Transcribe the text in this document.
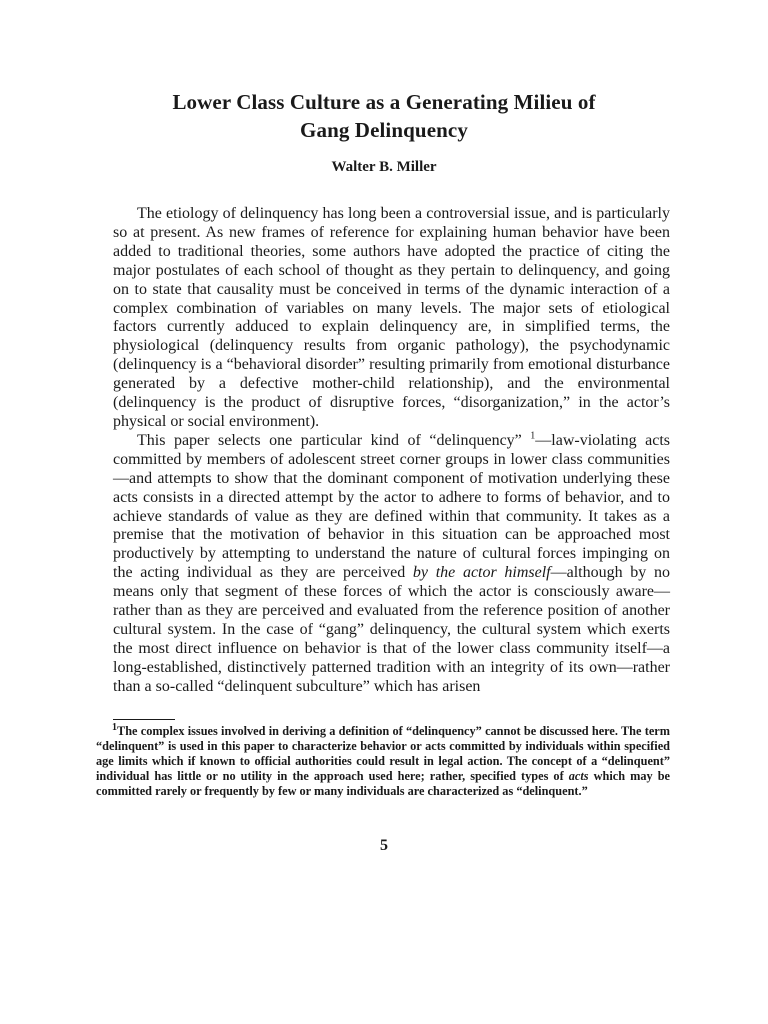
Lower Class Culture as a Generating Milieu of
Gang Delinquency

Walter B. Miller

The etiology of delinquency has long been a controversial issue, and is particularly so at present. As new frames of reference for explaining human behavior have been added to traditional theories, some authors have adopted the practice of citing the major postulates of each school of thought as they pertain to delinquency, and going on to state that causality must be conceived in terms of the dynamic interaction of a complex combination of variables on many levels. The major sets of etiological factors currently adduced to explain delinquency are, in simplified terms, the physiological (delinquency results from organic pathology), the psychodynamic (delinquency is a “behavioral disorder” resulting primarily from emotional disturbance generated by a defective mother-child relationship), and the environmental (delinquency is the product of disruptive forces, “disorganization,” in the actor’s physical or social environment).

This paper selects one particular kind of “delinquency” $^1$—law-violating acts committed by members of adolescent street corner groups in lower class communities—and attempts to show that the dominant component of motivation underlying these acts consists in a directed attempt by the actor to adhere to forms of behavior, and to achieve standards of value as they are defined within that community. It takes as a premise that the motivation of behavior in this situation can be approached most productively by attempting to understand the nature of cultural forces impinging on the acting individual as they are perceived by the actor himself—although by no means only that segment of these forces of which the actor is consciously aware—rather than as they are perceived and evaluated from the reference position of another cultural system. In the case of “gang” delinquency, the cultural system which exerts the most direct influence on behavior is that of the lower class community itself—a long-established, distinctively patterned tradition with an integrity of its own—rather than a so-called “delinquent subculture” which has arisen

$^1$The complex issues involved in deriving a definition of “delinquency” cannot be discussed here. The term “delinquent” is used in this paper to characterize behavior or acts committed by individuals within specified age limits which if known to official authorities could result in legal action. The concept of a “delinquent” individual has little or no utility in the approach used here; rather, specified types of acts which may be committed rarely or frequently by few or many individuals are characterized as “delinquent.”

5
